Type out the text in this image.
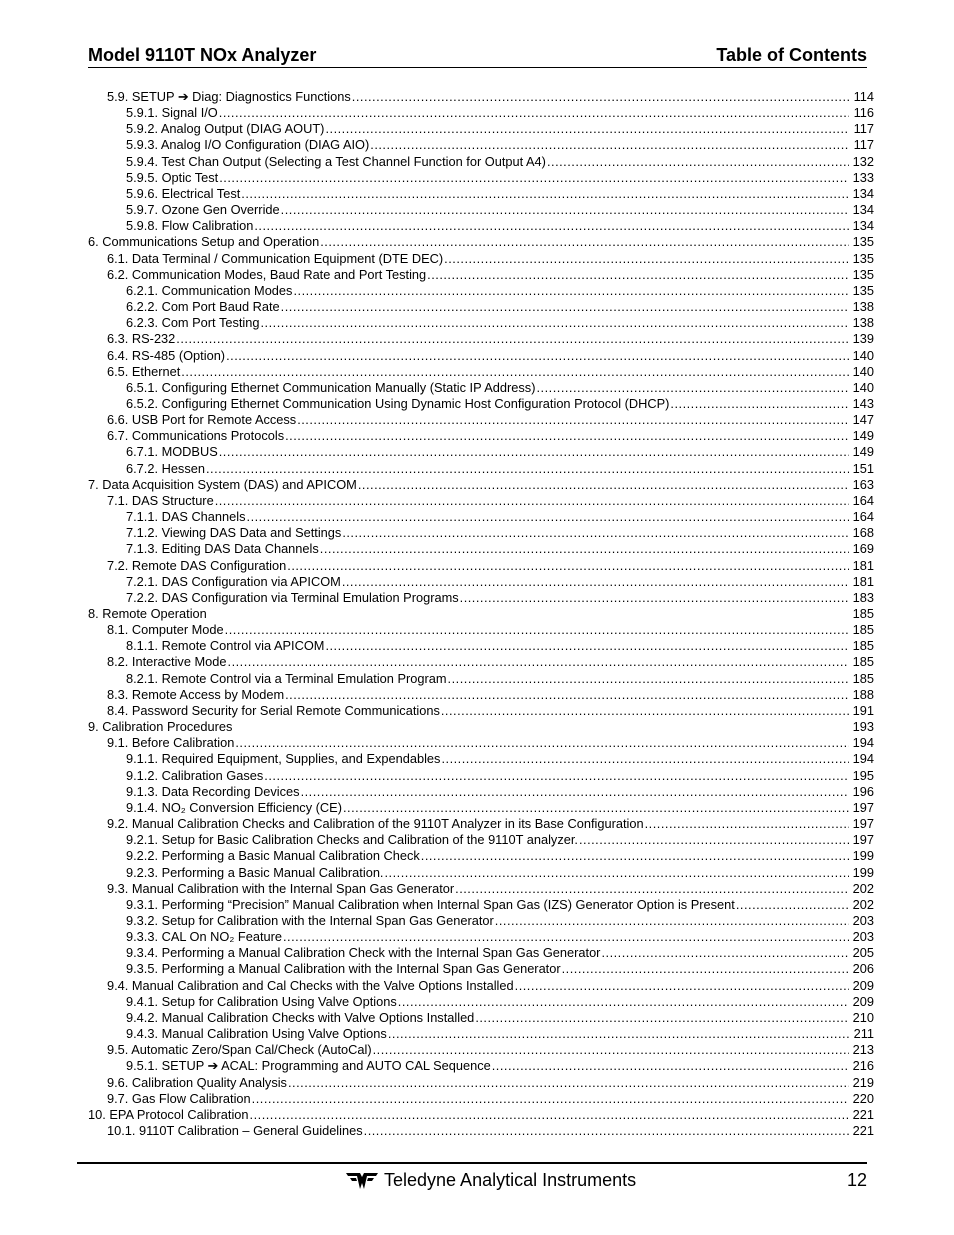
Model 9110T NOx Analyzer	Table of Contents
5.9. SETUP ➔ Diag: Diagnostics Functions .....	114
5.9.1. Signal I/O .....	116
5.9.2. Analog Output (DIAG AOUT) .....	117
5.9.3. Analog I/O Configuration (DIAG AIO) .....	117
5.9.4. Test Chan Output (Selecting a Test Channel Function for Output A4) .....	132
5.9.5. Optic Test .....	133
5.9.6. Electrical Test .....	134
5.9.7. Ozone Gen Override .....	134
5.9.8. Flow Calibration .....	134
6. Communications Setup and Operation .....	135
6.1. Data Terminal / Communication Equipment (DTE DEC) .....	135
6.2. Communication Modes, Baud Rate and Port Testing .....	135
6.2.1. Communication Modes .....	135
6.2.2. Com Port Baud Rate .....	138
6.2.3. Com Port Testing .....	138
6.3. RS-232 .....	139
6.4. RS-485 (Option) .....	140
6.5. Ethernet .....	140
6.5.1. Configuring Ethernet Communication Manually (Static IP Address) .....	140
6.5.2. Configuring Ethernet Communication Using Dynamic Host Configuration Protocol (DHCP) .....	143
6.6. USB Port for Remote Access .....	147
6.7. Communications Protocols .....	149
6.7.1. MODBUS .....	149
6.7.2. Hessen .....	151
7. Data Acquisition System (DAS) and APICOM .....	163
7.1. DAS Structure .....	164
7.1.1. DAS Channels .....	164
7.1.2. Viewing DAS Data and Settings .....	168
7.1.3. Editing DAS Data Channels .....	169
7.2. Remote DAS Configuration .....	181
7.2.1. DAS Configuration via APICOM .....	181
7.2.2. DAS Configuration via Terminal Emulation Programs .....	183
8. Remote Operation	185
8.1. Computer Mode .....	185
8.1.1. Remote Control via APICOM .....	185
8.2. Interactive Mode .....	185
8.2.1. Remote Control via a Terminal Emulation Program .....	185
8.3. Remote Access by Modem .....	188
8.4. Password Security for Serial Remote Communications .....	191
9. Calibration Procedures	193
9.1. Before Calibration .....	194
9.1.1. Required Equipment, Supplies, and Expendables .....	194
9.1.2. Calibration Gases .....	195
9.1.3. Data Recording Devices .....	196
9.1.4. NO₂ Conversion Efficiency (CE) .....	197
9.2. Manual Calibration Checks and Calibration of the 9110T Analyzer in its Base Configuration .....	197
9.2.1. Setup for Basic Calibration Checks and Calibration of the 9110T analyzer. .....	197
9.2.2. Performing a Basic Manual Calibration Check .....	199
9.2.3. Performing a Basic Manual Calibration. .....	199
9.3. Manual Calibration with the Internal Span Gas Generator .....	202
9.3.1. Performing “Precision” Manual Calibration when Internal Span Gas (IZS) Generator Option is Present .....	202
9.3.2. Setup for Calibration with the Internal Span Gas Generator .....	203
9.3.3. CAL On NO₂ Feature .....	203
9.3.4. Performing a Manual Calibration Check with the Internal Span Gas Generator .....	205
9.3.5. Performing a Manual Calibration with the Internal Span Gas Generator .....	206
9.4. Manual Calibration and Cal Checks with the Valve Options Installed .....	209
9.4.1. Setup for Calibration Using Valve Options .....	209
9.4.2. Manual Calibration Checks with Valve Options Installed .....	210
9.4.3. Manual Calibration Using Valve Options .....	211
9.5. Automatic Zero/Span Cal/Check (AutoCal) .....	213
9.5.1. SETUP ➔ ACAL: Programming and AUTO CAL Sequence .....	216
9.6. Calibration Quality Analysis .....	219
9.7. Gas Flow Calibration .....	220
10. EPA Protocol Calibration .....	221
10.1. 9110T Calibration – General Guidelines .....	221
Teledyne Analytical Instruments	12
